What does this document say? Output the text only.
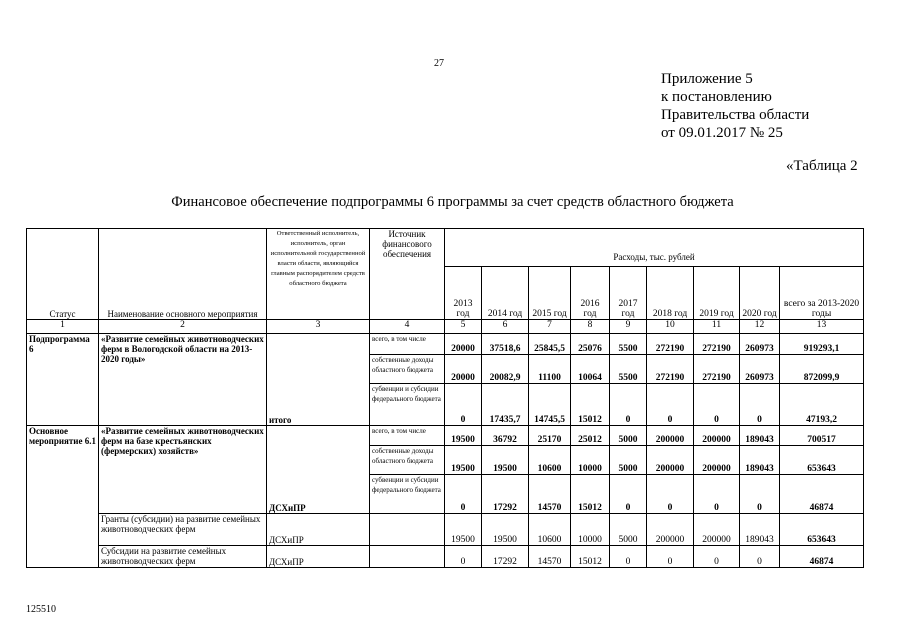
27
Приложение 5
к постановлению
Правительства области
от 09.01.2017 № 25
«Таблица 2
Финансовое обеспечение подпрограммы 6 программы за счет средств областного бюджета
Статус	Наименование основного мероприятия	Ответственный исполнитель, исполнитель, орган исполнительной государственной власти области, являющийся главным распорядителем средств областного бюджета	Источник финансового обеспечения	Расходы, тыс. рублей								
				2013 год	2014 год	2015 год	2016 год	2017 год	2018 год	2019 год	2020 год	всего за 2013-2020 годы
1	2	3	4	5	6	7	8	9	10	11	12	13
Подпрограмма 6	«Развитие семейных животноводческих ферм в Вологодской области на 2013-2020 годы»	итого	всего, в том числе	20000	37518,6	25845,5	25076	5500	272190	272190	260973	919293,1
			собственные доходы областного бюджета	20000	20082,9	11100	10064	5500	272190	272190	260973	872099,9
			субвенции и субсидии федерального бюджета	0	17435,7	14745,5	15012	0	0	0	0	47193,2
Основное мероприятие 6.1	«Развитие семейных животноводческих ферм на базе крестьянских (фермерских) хозяйств»	ДСХиПР	всего, в том числе	19500	36792	25170	25012	5000	200000	200000	189043	700517
			собственные доходы областного бюджета	19500	19500	10600	10000	5000	200000	200000	189043	653643
			субвенции и субсидии федерального бюджета	0	17292	14570	15012	0	0	0	0	46874
	Гранты (субсидии) на развитие семейных животноводческих ферм	ДСХиПР		19500	19500	10600	10000	5000	200000	200000	189043	653643
	Субсидии на развитие семейных животноводческих ферм	ДСХиПР		0	17292	14570	15012	0	0	0	0	46874
125510
